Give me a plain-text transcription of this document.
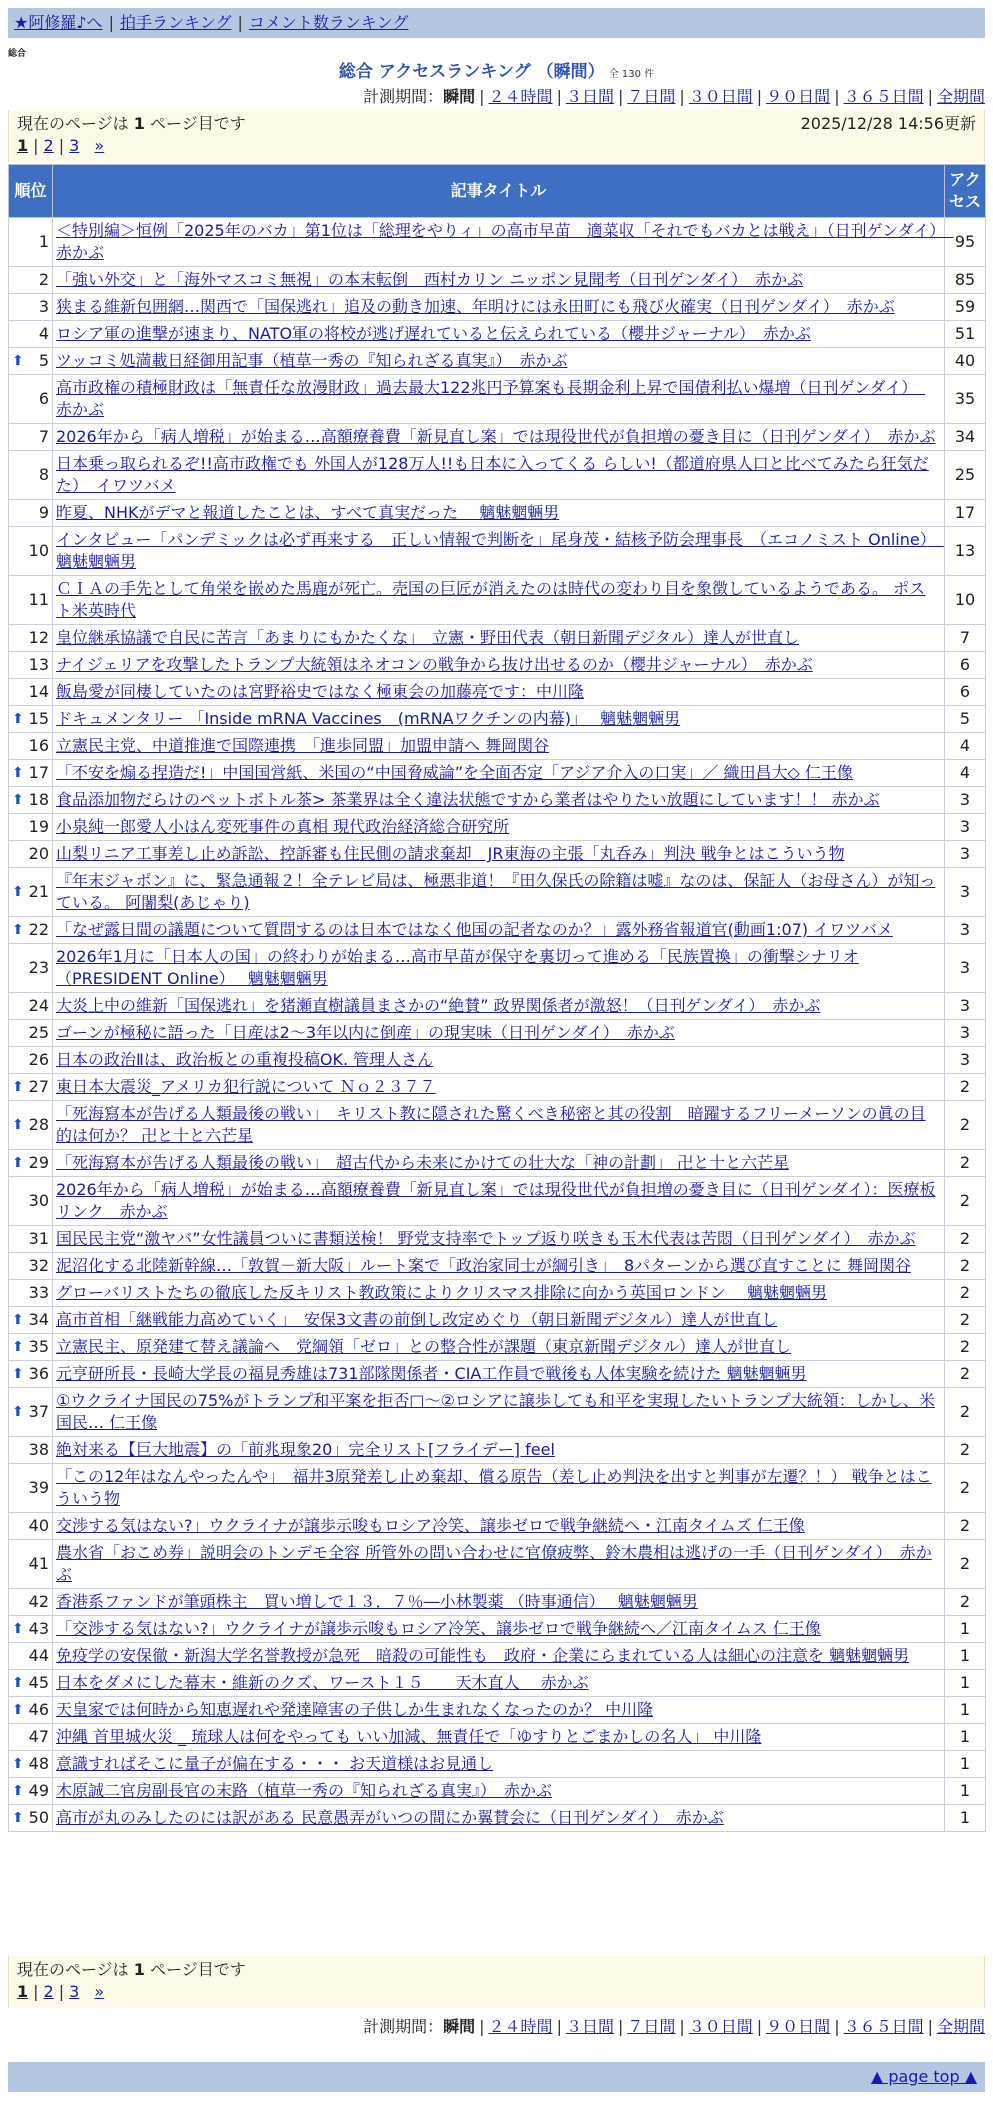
★阿修羅♪へ | 拍手ランキング | コメント数ランキング
総合
総合 アクセスランキング （瞬間） 全 130 件
計測期間：瞬間 | ２４時間 | ３日間 | ７日間 | ３０日間 | ９０日間 | ３６５日間 | 全期間
現在のページは 1 ページ目です	2025/12/28 14:56更新
1 | 2 | 3 »
順位	記事タイトル	アクセス
1	＜特別編＞恒例「2025年のバカ」第1位は「総理をやりィ」の高市早苗　適菜収「それでもバカとは戦え」（日刊ゲンダイ）　赤かぶ	95
2	「強い外交」と「海外マスコミ無視」の本末転倒　西村カリン ニッポン見聞考（日刊ゲンダイ）　赤かぶ	85
3	狭まる維新包囲網…関西で「国保逃れ」追及の動き加速、年明けには永田町にも飛び火確実（日刊ゲンダイ）　赤かぶ	59
4	ロシア軍の進撃が速まり、NATO軍の将校が逃げ遅れていると伝えられている（櫻井ジャーナル）　赤かぶ	51

⬆ 5	ツッコミ処満載日経御用記事（植草一秀の『知られざる真実』）　赤かぶ	40
6	高市政権の積極財政は「無責任な放漫財政」過去最大122兆円予算案も長期金利上昇で国債利払い爆増（日刊ゲンダイ）　赤かぶ	35
7	2026年から「病人増税」が始まる…高額療養費「新見直し案」では現役世代が負担増の憂き目に（日刊ゲンダイ）　赤かぶ	34
8	日本乗っ取られるぞ!!高市政権でも 外国人が128万人!!も日本に入ってくる らしい!（都道府県人口と比べてみたら狂気だた）　イワツバメ	25
9	昨夏、NHKがデマと報道したことは、すべて真実だった　 魑魅魍魎男	17
10	インタビュー「パンデミックは必ず再来する　正しい情報で判断を」尾身茂・結核予防会理事長　（エコノミスト Online）　魑魅魍魎男	13
11	ＣＩＡの手先として角栄を嵌めた馬鹿が死亡。売国の巨匠が消えたのは時代の変わり目を象徴しているようである。 ポスト米英時代	10
12	皇位継承協議で自民に苦言「あまりにもかたくな」　立憲・野田代表（朝日新聞デジタル）達人が世直し	7
13	ナイジェリアを攻撃したトランプ大統領はネオコンの戦争から抜け出せるのか（櫻井ジャーナル）　赤かぶ	6
14	飯島愛が同棲していたのは宮野裕史ではなく極東会の加藤亮です：中川隆	6

⬆ 15	ドキュメンタリー 「Inside mRNA Vaccines　(mRNAワクチンの内幕)」　 魑魅魍魎男	5
16	立憲民主党、中道推進で国際連携　「進歩同盟」加盟申請へ 舞岡関谷	4

⬆ 17	「不安を煽る捏造だ!」中国国営紙、米国の“中国脅威論”を全面否定「アジア介入の口実」／ 織田昌大◇ 仁王像	4

⬆ 18	食品添加物だらけのペットボトル茶> 茶業界は全く違法状態ですから業者はやりたい放題にしています！！ 赤かぶ	3
19	小泉純一郎愛人小はん変死事件の真相 現代政治経済総合研究所	3
20	山梨リニア工事差し止め訴訟、控訴審も住民側の請求棄却　JR東海の主張「丸呑み」判決 戦争とはこういう物	3

⬆ 21	『年末ジャポン』に、緊急通報２！全テレビ局は、極悪非道！『田久保氏の除籍は嘘』なのは、保証人（お母さん）が知っている。 阿闍梨(あじゃり)	3

⬆ 22	「なぜ露日間の議題について質問するのは日本ではなく他国の記者なのか？」露外務省報道官(動画1:07) イワツバメ	3
23	2026年1月に「日本人の国」の終わりが始まる…高市早苗が保守を裏切って進める「民族置換」の衝撃シナリオ （PRESIDENT Online）　 魑魅魍魎男	3
24	大炎上中の維新「国保逃れ」を猪瀬直樹議員まさかの“絶賛” 政界関係者が激怒！（日刊ゲンダイ）　赤かぶ	3
25	ゴーンが極秘に語った「日産は2～3年以内に倒産」の現実味（日刊ゲンダイ）　赤かぶ	3
26	日本の政治Ⅱは、政治板との重複投稿OK. 管理人さん	3

⬆ 27	東日本大震災_アメリカ犯行説について Ｎｏ２３７７	2

⬆ 28	「死海寫本が告げる人類最後の戦い」　キリスト教に隠された驚くべき秘密と其の役割　暗躍するフリーメーソンの眞の目的は何か？ 卍と十と六芒星	2

⬆ 29	「死海寫本が告げる人類最後の戦い」　超古代から未来にかけての壮大な「神の計劃」 卍と十と六芒星	2
30	2026年から「病人増税」が始まる…高額療養費「新見直し案」では現役世代が負担増の憂き目に（日刊ゲンダイ）：医療板リンク　赤かぶ	2
31	国民民主党“激ヤバ”女性議員ついに書類送検！ 野党支持率でトップ返り咲きも玉木代表は苦悶（日刊ゲンダイ）　赤かぶ	2
32	泥沼化する北陸新幹線…「敦賀－新大阪」ルート案で「政治家同士が綱引き」　8パターンから選び直すことに 舞岡関谷	2
33	グローバリストたちの徹底した反キリスト教政策によりクリスマス排除に向かう英国ロンドン　 魑魅魍魎男	2

⬆ 34	高市首相「継戦能力高めていく」　安保3文書の前倒し改定めぐり（朝日新聞デジタル）達人が世直し	2

⬆ 35	立憲民主、原発建て替え議論へ　党綱領「ゼロ」との整合性が課題（東京新聞デジタル）達人が世直し	2

⬆ 36	元亨研所長・長崎大学長の福見秀雄は731部隊関係者・CIA工作員で戦後も人体実験を続けた 魑魅魍魎男	2

⬆ 37	①ウクライナ国民の75%がトランプ和平案を拒否□～②ロシアに譲歩しても和平を実現したいトランプ大統領：しかし、米国民… 仁王像	2
38	絶対来る【巨大地震】の「前兆現象20」完全リスト[フライデー] feel	2
39	「この12年はなんやったんや」　福井3原発差し止め棄却、償る原告（差し止め判決を出すと判事が左遷？！） 戦争とはこういう物	2
40	交渉する気はない?」ウクライナが譲歩示唆もロシア冷笑、譲歩ゼロで戦争継続へ・江南タイムズ 仁王像	2
41	農水省「おこめ券」説明会のトンデモ全容 所管外の問い合わせに官僚疲弊、鈴木農相は逃げの一手（日刊ゲンダイ）　赤かぶ	2
42	香港系ファンドが筆頭株主　買い増しで１３．７％―小林製薬 （時事通信）　 魑魅魍魎男	2

⬆ 43	「交渉する気はない?」ウクライナが譲歩示唆もロシア冷笑、譲歩ゼロで戦争継続へ／江南タイムス 仁王像	1
44	免疫学の安保徹・新潟大学名誉教授が急死　暗殺の可能性も　政府・企業にらまれている人は細心の注意を 魑魅魍魎男	1

⬆ 45	日本をダメにした幕末・維新のクズ、ワースト１５　　天木直人　 赤かぶ	1

⬆ 46	天皇家では何時から知恵遅れや発達障害の子供しか生まれなくなったのか？ 中川隆	1
47	沖縄 首里城火災 _ 琉球人は何をやっても いい加減、無責任で「ゆすりとごまかしの名人」 中川隆	1

⬆ 48	意識すればそこに量子が偏在する・・・ お天道様はお見通し	1

⬆ 49	木原誠二官房副長官の末路（植草一秀の『知られざる真実』）　赤かぶ	1

⬆ 50	高市が丸のみしたのには訳がある 民意愚弄がいつの間にか翼賛会に（日刊ゲンダイ）　赤かぶ	1
現在のページは 1 ページ目です
1 | 2 | 3 »
計測期間：瞬間 | ２４時間 | ３日間 | ７日間 | ３０日間 | ９０日間 | ３６５日間 | 全期間
▲ page top ▲
